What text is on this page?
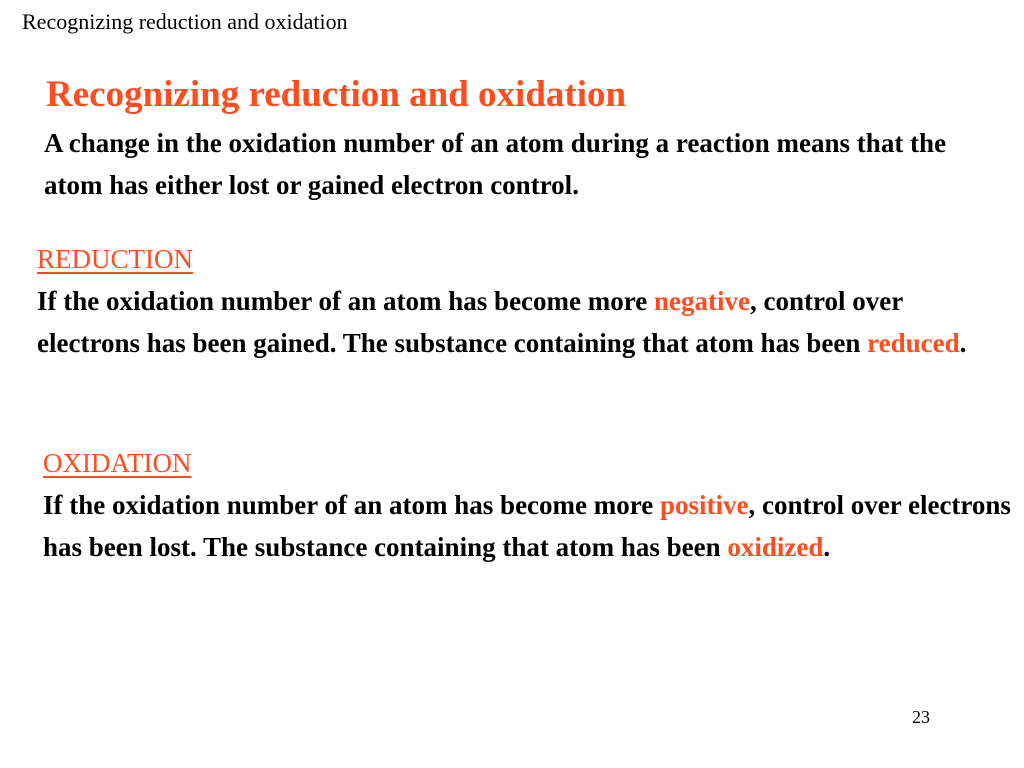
Recognizing reduction and oxidation
Recognizing reduction and oxidation

A change in the oxidation number of an atom during a reaction means that the atom has either lost or gained electron control.

REDUCTION

If the oxidation number of an atom has become more negative, control over electrons has been gained. The substance containing that atom has been reduced.

OXIDATION

If the oxidation number of an atom has become more positive, control over electrons has been lost. The substance containing that atom has been oxidized.

23
